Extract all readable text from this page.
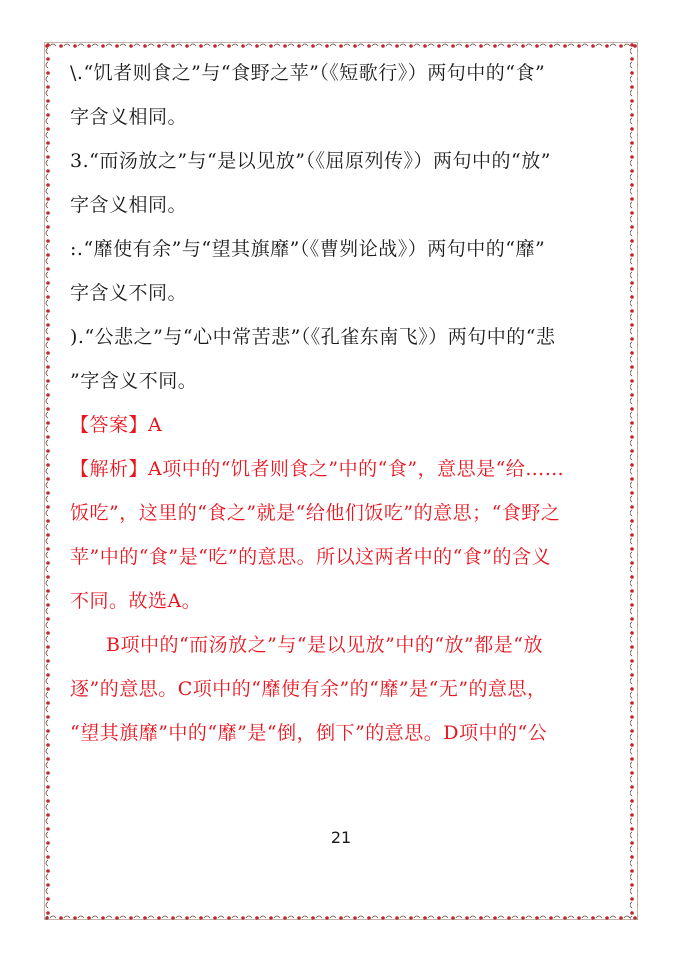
\.“饥者则食之”与“食野之苹”（《短歌行》）两句中的“食”

字含义相同。

3.“而汤放之”与“是以见放”（《屈原列传》）两句中的“放”

字含义相同。

:.“靡使有余”与“望其旗靡”（《曹刿论战》）两句中的“靡”

字含义不同。

).“公悲之”与“心中常苦悲”（《孔雀东南飞》）两句中的“悲

”字含义不同。

【答案】A

【解析】A项中的“饥者则食之”中的“食”，意思是“给……

饭吃”，这里的“食之”就是“给他们饭吃”的意思；“食野之

苹”中的“食”是“吃”的意思。所以这两者中的“食”的含义

不同。故选A。

B项中的“而汤放之”与“是以见放”中的“放”都是“放

逐”的意思。C项中的“靡使有余”的“靡”是“无”的意思，

“望其旗靡”中的“靡”是“倒，倒下”的意思。D项中的“公

21
